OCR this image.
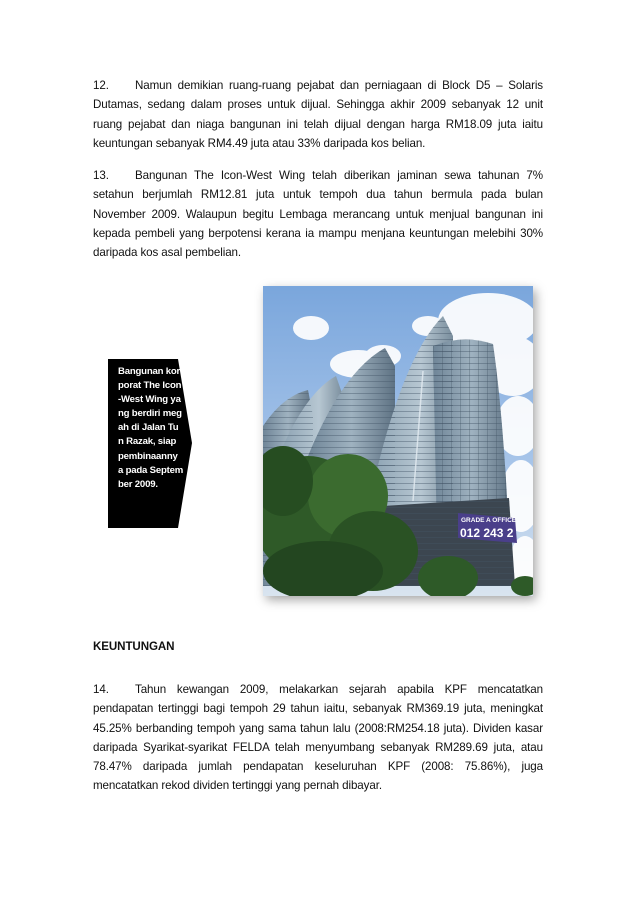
12. Namun demikian ruang-ruang pejabat dan perniagaan di Block D5 – Solaris Dutamas, sedang dalam proses untuk dijual. Sehingga akhir 2009 sebanyak 12 unit ruang pejabat dan niaga bangunan ini telah dijual dengan harga RM18.09 juta iaitu keuntungan sebanyak RM4.49 juta atau 33% daripada kos belian.

13. Bangunan The Icon-West Wing telah diberikan jaminan sewa tahunan 7% setahun berjumlah RM12.81 juta untuk tempoh dua tahun bermula pada bulan November 2009. Walaupun begitu Lembaga merancang untuk menjual bangunan ini kepada pembeli yang berpotensi kerana ia mampu menjana keuntungan melebihi 30% daripada kos asal pembelian.

Bangunan korporat The Icon-West Wing yang berdiri megah di Jalan Tun Razak, siap pembinaanny a pada September 2009.
GRADE A OFFICE
012 243 2
KEUNTUNGAN

14. Tahun kewangan 2009, melakarkan sejarah apabila KPF mencatatkan pendapatan tertinggi bagi tempoh 29 tahun iaitu, sebanyak RM369.19 juta, meningkat 45.25% berbanding tempoh yang sama tahun lalu (2008:RM254.18 juta). Dividen kasar daripada Syarikat-syarikat FELDA telah menyumbang sebanyak RM289.69 juta, atau 78.47% daripada jumlah pendapatan keseluruhan KPF (2008: 75.86%), juga mencatatkan rekod dividen tertinggi yang pernah dibayar.
